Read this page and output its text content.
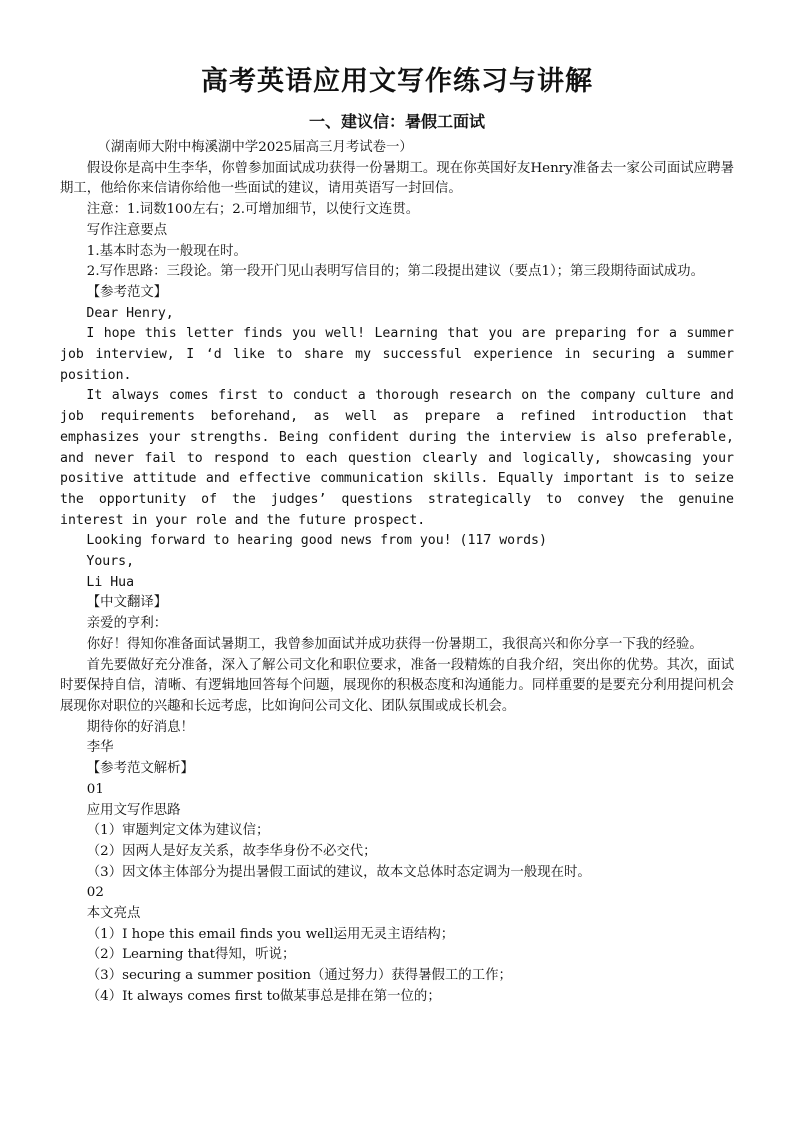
高考英语应用文写作练习与讲解
一、建议信：暑假工面试

（湖南师大附中梅溪湖中学2025届高三月考试卷一）

假设你是高中生李华，你曾参加面试成功获得一份暑期工。现在你英国好友Henry准备去一家公司面试应聘暑期工，他给你来信请你给他一些面试的建议，请用英语写一封回信。

注意：1.词数100左右；2.可增加细节，以使行文连贯。

写作注意要点

1.基本时态为一般现在时。

2.写作思路：三段论。第一段开门见山表明写信目的；第二段提出建议（要点1）；第三段期待面试成功。

【参考范文】

Dear Henry,

I hope this letter finds you well! Learning that you are preparing for a summer job interview, I ‘d like to share my successful experience in securing a summer position.

It always comes first to conduct a thorough research on the company culture and job requirements beforehand, as well as prepare a refined introduction that emphasizes your strengths. Being confident during the interview is also preferable, and never fail to respond to each question clearly and logically, showcasing your positive attitude and effective communication skills. Equally important is to seize the opportunity of the judges’ questions strategically to convey the genuine interest in your role and the future prospect.

Looking forward to hearing good news from you! (117 words)

Yours,

Li Hua

【中文翻译】

亲爱的亨利：

你好！得知你准备面试暑期工，我曾参加面试并成功获得一份暑期工，我很高兴和你分享一下我的经验。

首先要做好充分准备，深入了解公司文化和职位要求，准备一段精炼的自我介绍，突出你的优势。其次，面试时要保持自信，清晰、有逻辑地回答每个问题，展现你的积极态度和沟通能力。同样重要的是要充分利用提问机会展现你对职位的兴趣和长远考虑，比如询问公司文化、团队氛围或成长机会。

期待你的好消息！

李华

【参考范文解析】

01

应用文写作思路

（1）审题判定文体为建议信；

（2）因两人是好友关系，故李华身份不必交代；

（3）因文体主体部分为提出暑假工面试的建议，故本文总体时态定调为一般现在时。

02

本文亮点

（1）I hope this email finds you well运用无灵主语结构；

（2）Learning that得知，听说；

（3）securing a summer position（通过努力）获得暑假工的工作；

（4）It always comes first to做某事总是排在第一位的；
